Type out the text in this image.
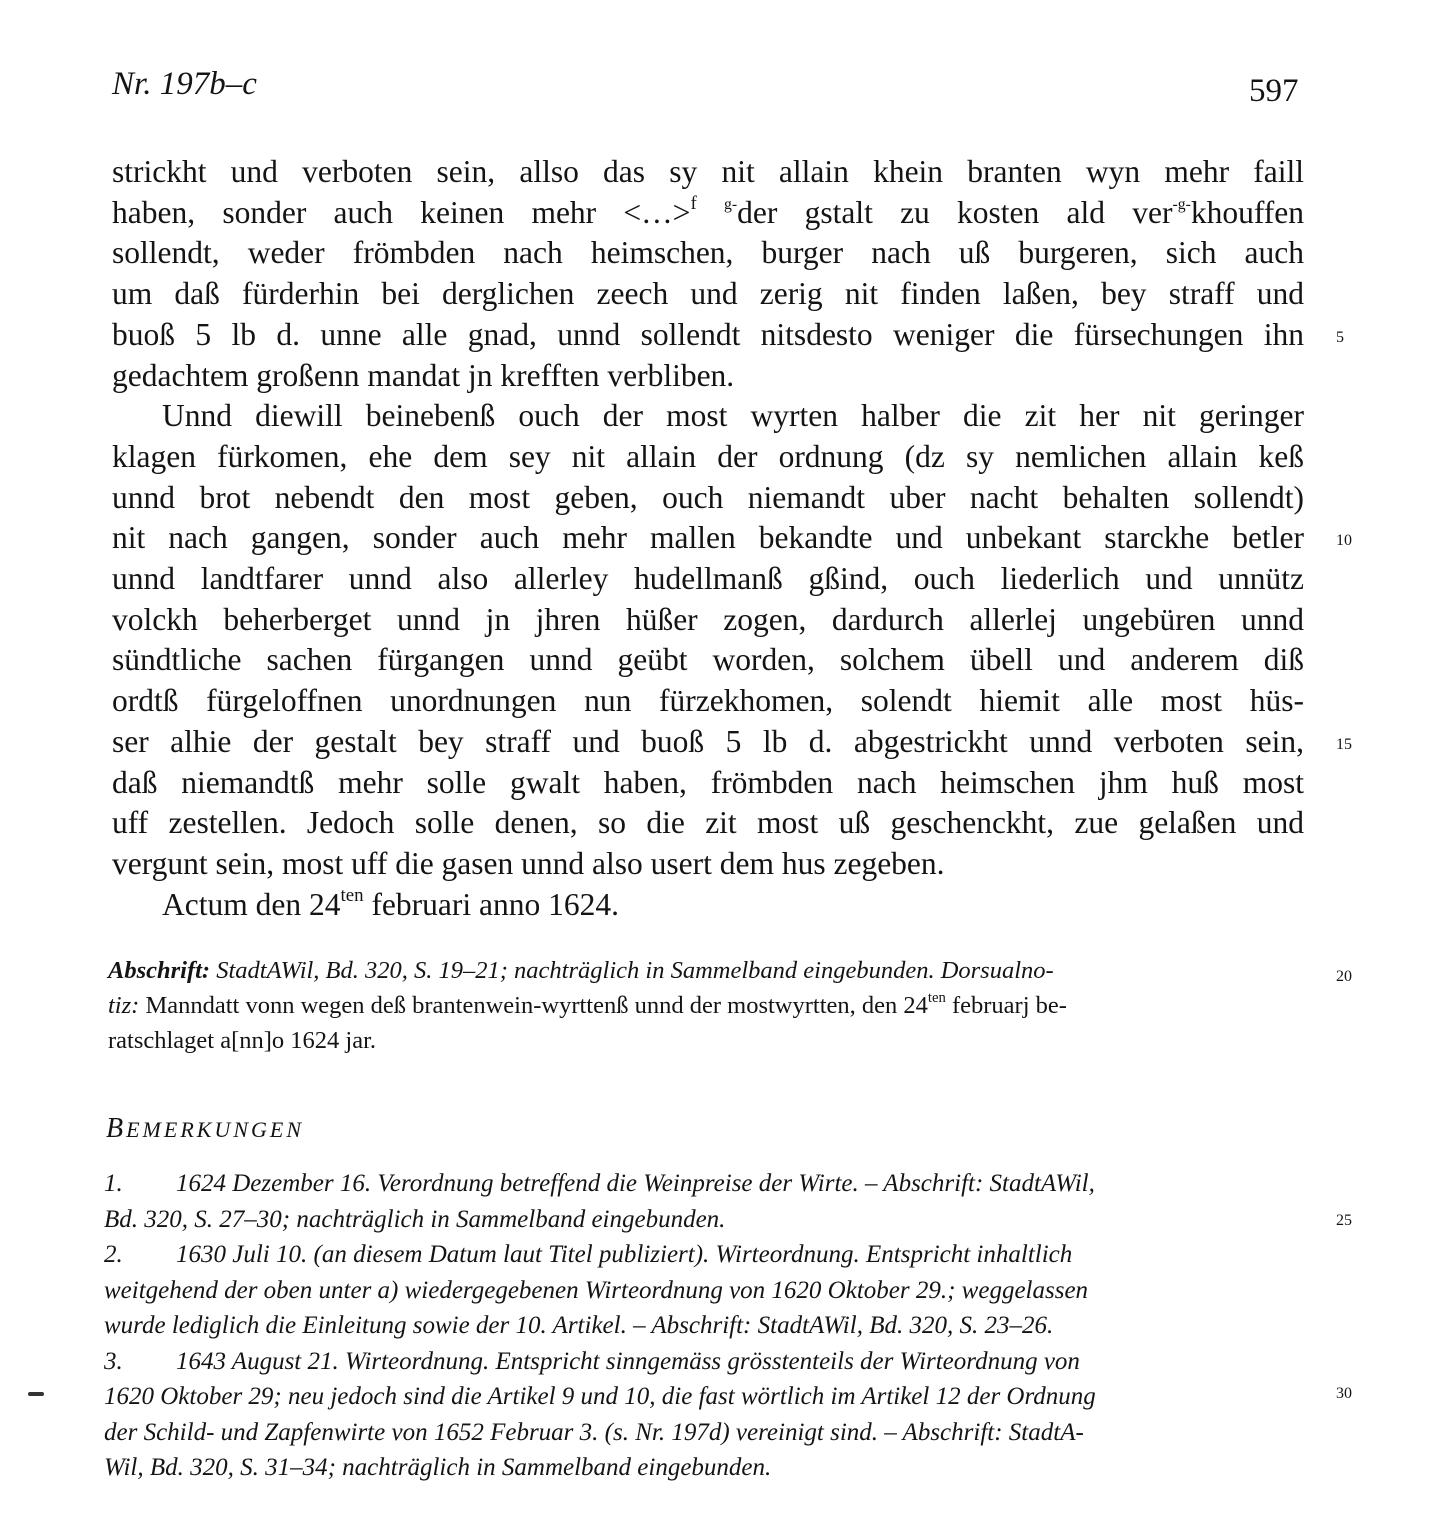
Nr. 197b–c	597
strickht und verboten sein, allso das sy nit allain khein branten wyn mehr faill
haben, sonder auch keinen mehr <…>$^f$ $^{g-}$der gstalt zu kosten ald ver$^{-g-}$khouffen
sollendt, weder frömbden nach heimschen, burger nach uß burgeren, sich auch
um daß fürderhin bei derglichen zeech und zerig nit finden laßen, bey straff und
buoß 5 lb d. unne alle gnad, unnd sollendt nitsdesto weniger die fürsechungen ihn
gedachtem großenn mandat jn krefften verbliben.
Unnd diewill beinebenß ouch der most wyrten halber die zit her nit geringer
klagen fürkomen, ehe dem sey nit allain der ordnung (dz sy nemlichen allain keß
unnd brot nebendt den most geben, ouch niemandt uber nacht behalten sollendt)
nit nach gangen, sonder auch mehr mallen bekandte und unbekant starckhe betler
unnd landtfarer unnd also allerley hudellmanß gßind, ouch liederlich und unnütz
volckh beherberget unnd jn jhren hüßer zogen, dardurch allerlej ungebüren unnd
sündtliche sachen fürgangen unnd geübt worden, solchem übell und anderem diß
ordtß fürgeloffnen unordnungen nun fürzekhomen, solendt hiemit alle most hüs-
ser alhie der gestalt bey straff und buoß 5 lb d. abgestrickht unnd verboten sein,
daß niemandtß mehr solle gwalt haben, frömbden nach heimschen jhm huß most
uff zestellen. Jedoch solle denen, so die zit most uß geschenckht, zue gelaßen und
vergunt sein, most uff die gasen unnd also usert dem hus zegeben.
Actum den $24^{ten}$ februari anno 1624.
5
10
15
20
25
30
Abschrift: StadtAWil, Bd. 320, S. 19–21; nachträglich in Sammelband eingebunden. Dorsualno-
tiz: Manndatt vonn wegen deß brantenwein-wyrttenß unnd der mostwyrtten, den $24^{ten}$ februarj be-
ratschlaget a[nn]o 1624 jar.
BEMERKUNGEN
1. 1624 Dezember 16. Verordnung betreffend die Weinpreise der Wirte. – Abschrift: StadtAWil,
Bd. 320, S. 27–30; nachträglich in Sammelband eingebunden.
2. 1630 Juli 10. (an diesem Datum laut Titel publiziert). Wirteordnung. Entspricht inhaltlich
weitgehend der oben unter a) wiedergegebenen Wirteordnung von 1620 Oktober 29.; weggelassen
wurde lediglich die Einleitung sowie der 10. Artikel. – Abschrift: StadtAWil, Bd. 320, S. 23–26.
3. 1643 August 21. Wirteordnung. Entspricht sinngemäss grösstenteils der Wirteordnung von
1620 Oktober 29; neu jedoch sind die Artikel 9 und 10, die fast wörtlich im Artikel 12 der Ordnung
der Schild- und Zapfenwirte von 1652 Februar 3. (s. Nr. 197d) vereinigt sind. – Abschrift: StadtA-
Wil, Bd. 320, S. 31–34; nachträglich in Sammelband eingebunden.
